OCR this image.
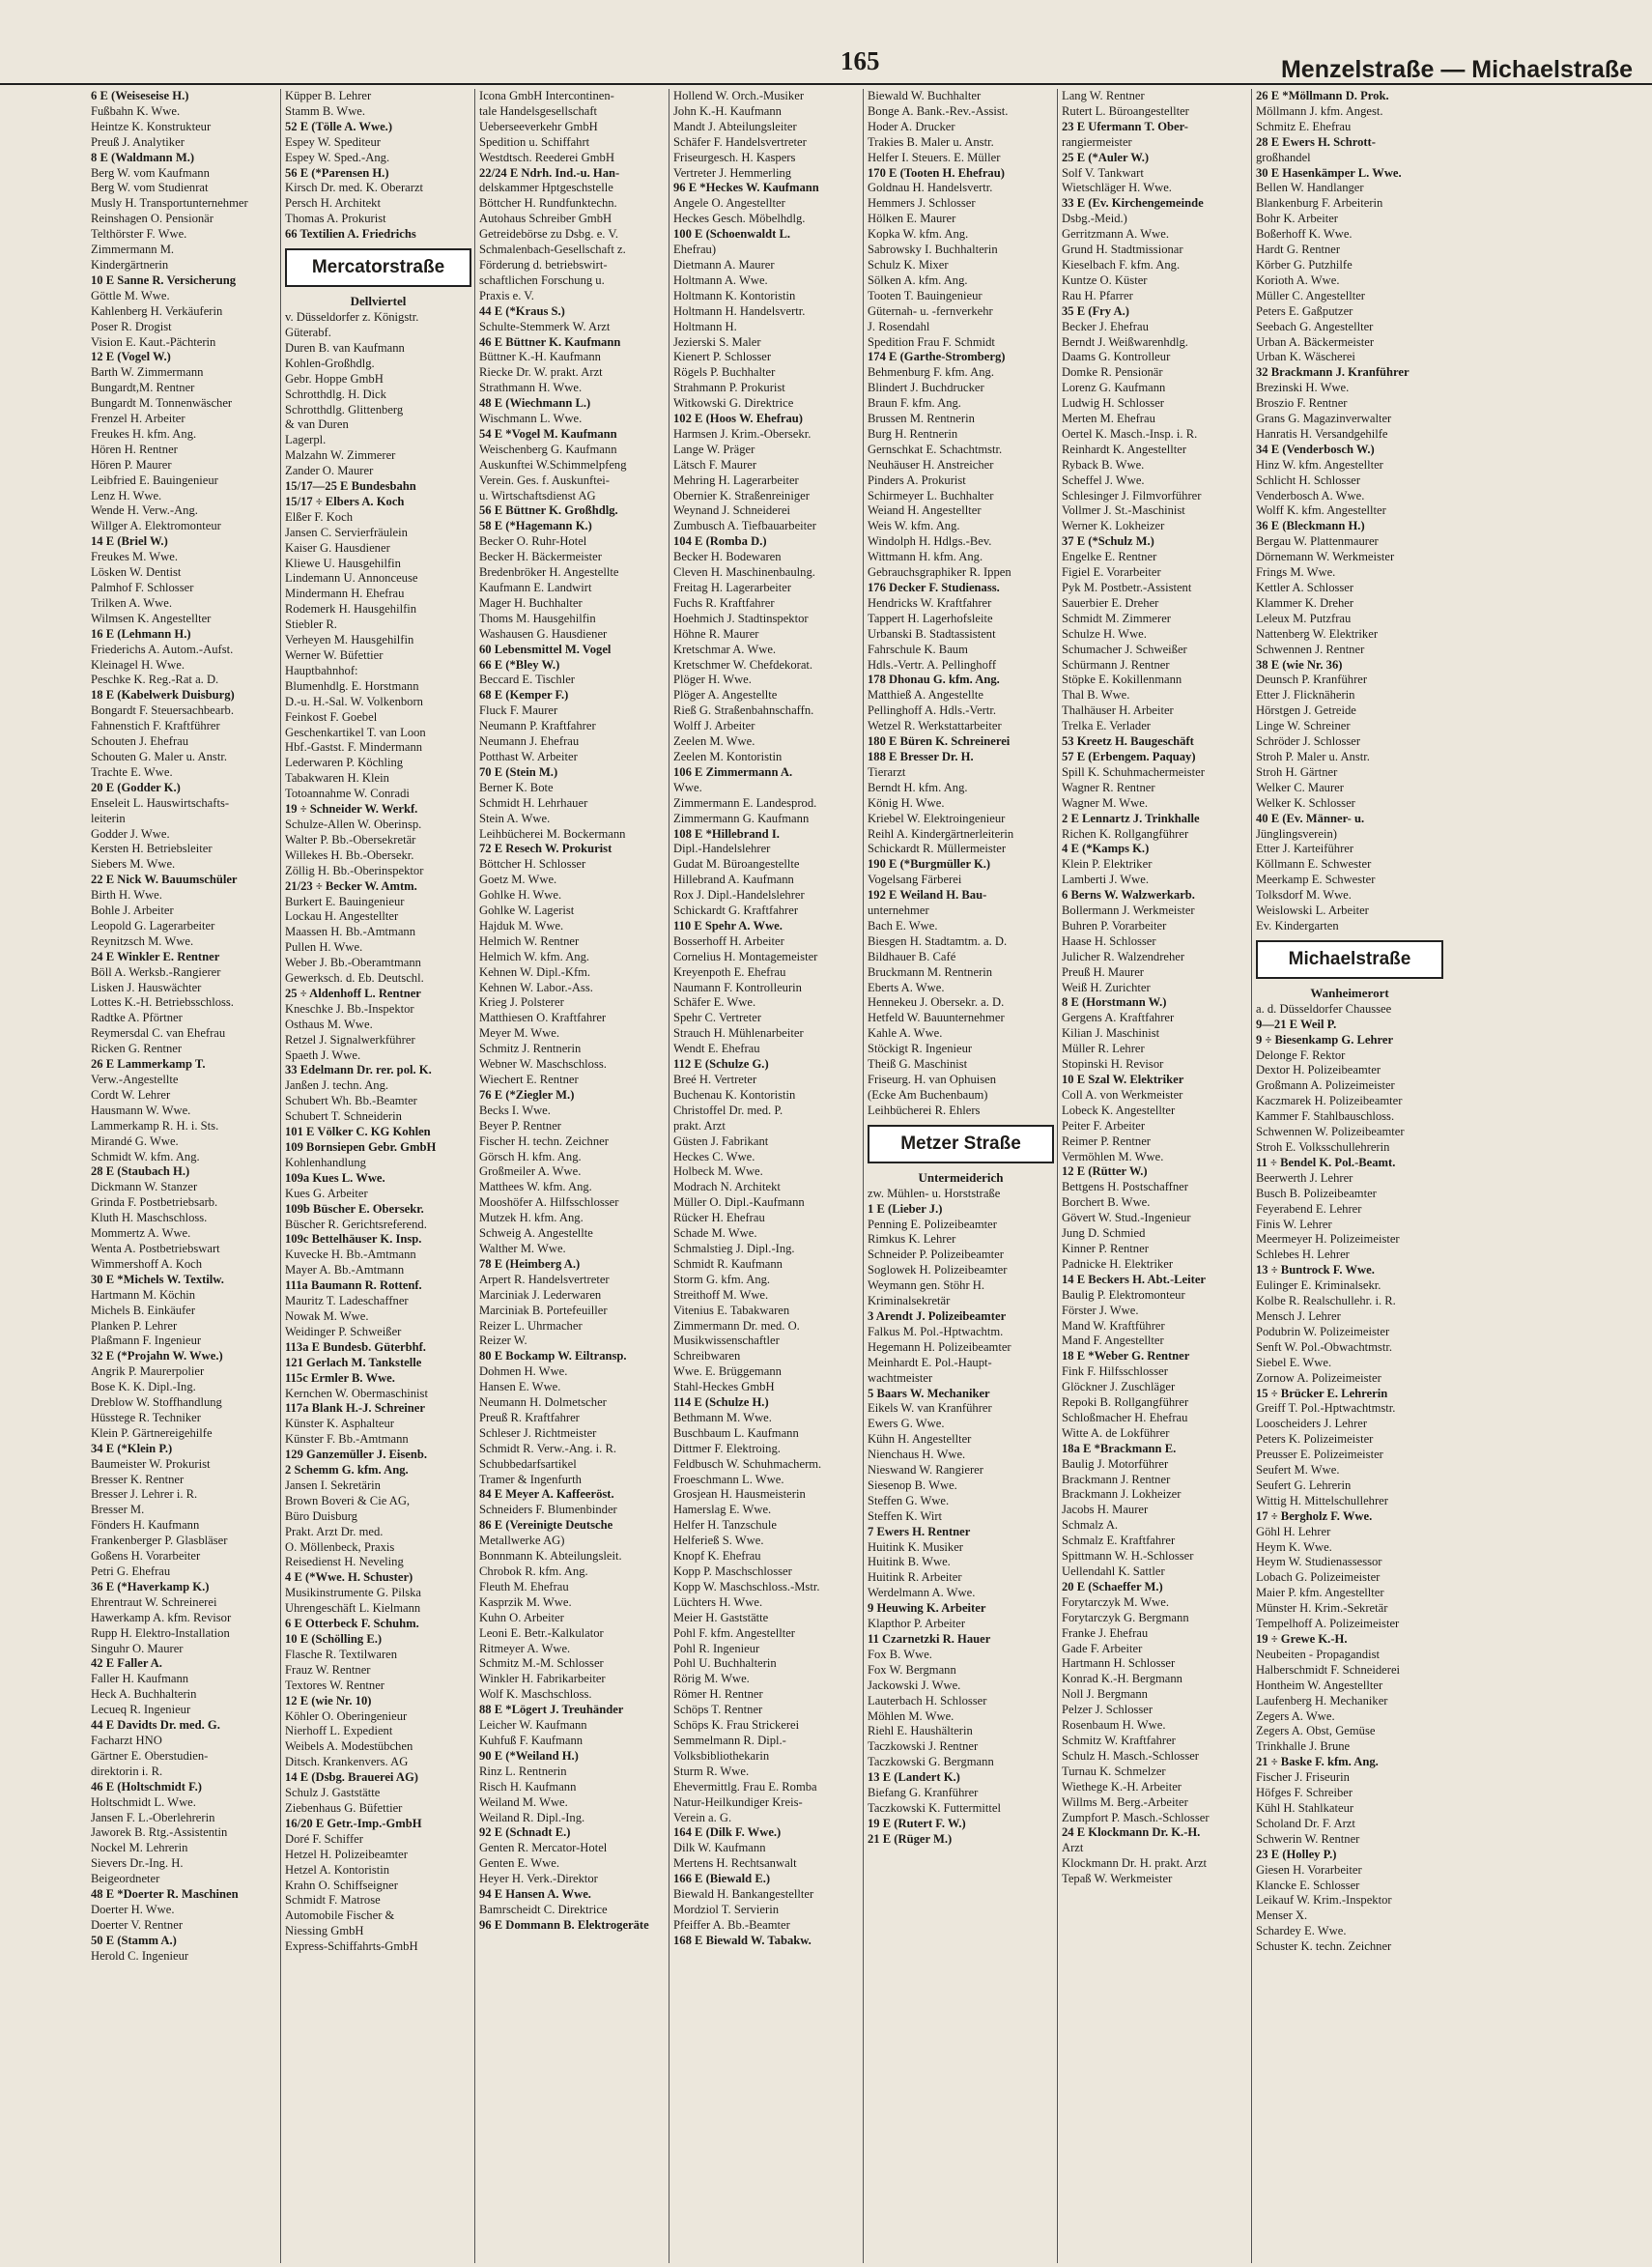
165	Menzelstraße — Michaelstraße
6 E (Weiseseise H.)
Fußbahn K. Wwe.
Heintze K. Konstrukteur
Preuß J. Analytiker
8 E (Waldmann M.)
Berg W. vom Kaufmann
Berg W. vom Studienrat
Musly H. Transportunternehmer
Reinshagen O. Pensionär
Telthörster F. Wwe.
Zimmermann M.
Kindergärtnerin
10 E Sanne R. Versicherung
Göttle M. Wwe.
Kahlenberg H. Verkäuferin
Poser R. Drogist
Vision E. Kaut.-Pächterin
12 E (Vogel W.)
Barth W. Zimmermann
Bungardt,M. Rentner
Bungardt M. Tonnenwäscher
Frenzel H. Arbeiter
Freukes H. kfm. Ang.
Hören H. Rentner
Hören P. Maurer
Leibfried E. Bauingenieur
Lenz H. Wwe.
Wende H. Verw.-Ang.
Willger A. Elektromonteur
14 E (Briel W.)
Freukes M. Wwe.
Lösken W. Dentist
Palmhof F. Schlosser
Trilken A. Wwe.
Wilmsen K. Angestellter
16 E (Lehmann H.)
Friederichs A. Autom.-Aufst.
Kleinagel H. Wwe.
Peschke K. Reg.-Rat a. D.
18 E (Kabelwerk Duisburg)
Bongardt F. Steuersachbearb.
Fahnenstich F. Kraftführer
Schouten J. Ehefrau
Schouten G. Maler u. Anstr.
Trachte E. Wwe.
20 E (Godder K.)
Enseleit L. Hauswirtschafts-
leiterin
Godder J. Wwe.
Kersten H. Betriebsleiter
Siebers M. Wwe.
22 E Nick W. Bauumschüler
Birth H. Wwe.
Bohle J. Arbeiter
Leopold G. Lagerarbeiter
Reynitzsch M. Wwe.
24 E Winkler E. Rentner
Böll A. Werksb.-Rangierer
Lisken J. Hauswächter
Lottes K.-H. Betriebsschloss.
Radtke A. Pförtner
Reymersdal C. van Ehefrau
Ricken G. Rentner
26 E Lammerkamp T.
Verw.-Angestellte
Cordt W. Lehrer
Hausmann W. Wwe.
Lammerkamp R. H. i. Sts.
Mirandé G. Wwe.
Schmidt W. kfm. Ang.
28 E (Staubach H.)
Dickmann W. Stanzer
Grinda F. Postbetriebsarb.
Kluth H. Maschschloss.
Mommertz A. Wwe.
Wenta A. Postbetriebswart
Wimmershoff A. Koch
30 E *Michels W. Textilw.
Hartmann M. Köchin
Michels B. Einkäufer
Planken P. Lehrer
Plaßmann F. Ingenieur
32 E (*Projahn W. Wwe.)
Angrik P. Maurerpolier
Bose K. K. Dipl.-Ing.
Dreblow W. Stoffhandlung
Hüsstege R. Techniker
Klein P. Gärtnereigehilfe
34 E (*Klein P.)
Baumeister W. Prokurist
Bresser K. Rentner
Bresser J. Lehrer i. R.
Bresser M.
Fönders H. Kaufmann
Frankenberger P. Glasbläser
Goßens H. Vorarbeiter
Petri G. Ehefrau
36 E (*Haverkamp K.)
Ehrentraut W. Schreinerei
Hawerkamp A. kfm. Revisor
Rupp H. Elektro-Installation
Singuhr O. Maurer
42 E Faller A.
Faller H. Kaufmann
Heck A. Buchhalterin
Lecueq R. Ingenieur
44 E Davidts Dr. med. G.
Facharzt HNO
Gärtner E. Oberstudien-
direktorin i. R.
46 E (Holtschmidt F.)
Holtschmidt L. Wwe.
Jansen F. L.-Oberlehrerin
Jaworek B. Rtg.-Assistentin
Nockel M. Lehrerin
Sievers Dr.-Ing. H.
Beigeordneter
48 E *Doerter R. Maschinen
Doerter H. Wwe.
Doerter V. Rentner
50 E (Stamm A.)
Herold C. Ingenieur
Küpper B. Lehrer
Stamm B. Wwe.
52 E (Tölle A. Wwe.)
Espey W. Spediteur
Espey W. Sped.-Ang.
56 E (*Parensen H.)
Kirsch Dr. med. K. Oberarzt
Persch H. Architekt
Thomas A. Prokurist
66 Textilien A. Friedrichs
Mercatorstraße
Dellviertel
v. Düsseldorfer z. Königstr.
Güterabf.
Duren B. van Kaufmann
Kohlen-Großhdlg.
Gebr. Hoppe GmbH
Schrotthdlg. H. Dick
Schrotthdlg. Glittenberg
& van Duren
Lagerpl.
Malzahn W. Zimmerer
Zander O. Maurer
15/17—25 E Bundesbahn
15/17 ÷ Elbers A. Koch
Elßer F. Koch
Jansen C. Servierfräulein
Kaiser G. Hausdiener
Kliewe U. Hausgehilfin
Lindemann U. Annonceuse
Mindermann H. Ehefrau
Rodemerk H. Hausgehilfin
Stiebler R.
Verheyen M. Hausgehilfin
Werner W. Büfettier
Hauptbahnhof:
Blumenhdlg. E. Horstmann
D.-u. H.-Sal. W. Volkenborn
Feinkost F. Goebel
Geschenkartikel T. van Loon
Hbf.-Gastst. F. Mindermann
Lederwaren P. Köchling
Tabakwaren H. Klein
Totoannahme W. Conradi
19 ÷ Schneider W. Werkf.
Schulze-Allen W. Oberinsp.
Walter P. Bb.-Obersekretär
Willekes H. Bb.-Obersekr.
Zöllig H. Bb.-Oberinspektor
21/23 ÷ Becker W. Amtm.
Burkert E. Bauingenieur
Lockau H. Angestellter
Maassen H. Bb.-Amtmann
Pullen H. Wwe.
Weber J. Bb.-Oberamtmann
Gewerksch. d. Eb. Deutschl.
25 ÷ Aldenhoff L. Rentner
Kneschke J. Bb.-Inspektor
Osthaus M. Wwe.
Retzel J. Signalwerkführer
Spaeth J. Wwe.
33 Edelmann Dr. rer. pol. K.
Janßen J. techn. Ang.
Schubert Wh. Bb.-Beamter
Schubert T. Schneiderin
101 E Völker C. KG Kohlen
109 Bornsiepen Gebr. GmbH
Kohlenhandlung
109a Kues L. Wwe.
Kues G. Arbeiter
109b Büscher E. Obersekr.
Büscher R. Gerichtsreferend.
109c Bettelhäuser K. Insp.
Kuvecke H. Bb.-Amtmann
Mayer A. Bb.-Amtmann
111a Baumann R. Rottenf.
Mauritz T. Ladeschaffner
Nowak M. Wwe.
Weidinger P. Schweißer
113a E Bundesb. Güterbhf.
121 Gerlach M. Tankstelle
115c Ermler B. Wwe.
Kernchen W. Obermaschinist
117a Blank H.-J. Schreiner
Künster K. Asphalteur
Künster F. Bb.-Amtmann
129 Ganzemüller J. Eisenb.
2 Schemm G. kfm. Ang.
Jansen I. Sekretärin
Brown Boveri & Cie AG,
Büro Duisburg
Prakt. Arzt Dr. med.
O. Möllenbeck, Praxis
Reisedienst H. Neveling
4 E (*Wwe. H. Schuster)
Musikinstrumente G. Pilska
Uhrengeschäft L. Kielmann
6 E Otterbeck F. Schuhm.
10 E (Schölling E.)
Flasche R. Textilwaren
Frauz W. Rentner
Textores W. Rentner
12 E (wie Nr. 10)
Köhler O. Oberingenieur
Nierhoff L. Expedient
Weibels A. Modestübchen
Ditsch. Krankenvers. AG
14 E (Dsbg. Brauerei AG)
Schulz J. Gaststätte
Ziebenhaus G. Büfettier
16/20 E Getr.-Imp.-GmbH
Doré F. Schiffer
Hetzel H. Polizeibeamter
Hetzel A. Kontoristin
Krahn O. Schiffseigner
Schmidt F. Matrose
Automobile Fischer &
Niessing GmbH
Express-Schiffahrts-GmbH
Icona GmbH Intercontinen-
tale Handelsgesellschaft
Ueberseeverkehr GmbH
Spedition u. Schiffahrt
Westdtsch. Reederei GmbH
22/24 E Ndrh. Ind.-u. Han-
delskammer Hptgeschstelle
Böttcher H. Rundfunktechn.
Autohaus Schreiber GmbH
Getreidebörse zu Dsbg. e. V.
Schmalenbach-Gesellschaft z.
Förderung d. betriebswirt-
schaftlichen Forschung u.
Praxis e. V.
44 E (*Kraus S.)
Schulte-Stemmerk W. Arzt
46 E Büttner K. Kaufmann
Büttner K.-H. Kaufmann
Riecke Dr. W. prakt. Arzt
Strathmann H. Wwe.
48 E (Wiechmann L.)
Wischmann L. Wwe.
54 E *Vogel M. Kaufmann
Weischenberg G. Kaufmann
Auskunftei W.Schimmelpfeng
Verein. Ges. f. Auskunftei-
u. Wirtschaftsdienst AG
56 E Büttner K. Großhdlg.
58 E (*Hagemann K.)
Becker O. Ruhr-Hotel
Becker H. Bäckermeister
Bredenbröker H. Angestellte
Kaufmann E. Landwirt
Mager H. Buchhalter
Thoms M. Hausgehilfin
Washausen G. Hausdiener
60 Lebensmittel M. Vogel
66 E (*Bley W.)
Beccard E. Tischler
68 E (Kemper F.)
Fluck F. Maurer
Neumann P. Kraftfahrer
Neumann J. Ehefrau
Potthast W. Arbeiter
70 E (Stein M.)
Berner K. Bote
Schmidt H. Lehrhauer
Stein A. Wwe.
Leihbücherei M. Bockermann
72 E Resech W. Prokurist
Böttcher H. Schlosser
Goetz M. Wwe.
Gohlke H. Wwe.
Gohlke W. Lagerist
Hajduk M. Wwe.
Helmich W. Rentner
Helmich W. kfm. Ang.
Kehnen W. Dipl.-Kfm.
Kehnen W. Labor.-Ass.
Krieg J. Polsterer
Matthiesen O. Kraftfahrer
Meyer M. Wwe.
Schmitz J. Rentnerin
Webner W. Maschschloss.
Wiechert E. Rentner
76 E (*Ziegler M.)
Becks I. Wwe.
Beyer P. Rentner
Fischer H. techn. Zeichner
Görsch H. kfm. Ang.
Großmeiler A. Wwe.
Matthees W. kfm. Ang.
Mooshöfer A. Hilfsschlosser
Mutzek H. kfm. Ang.
Schweig A. Angestellte
Walther M. Wwe.
78 E (Heimberg A.)
Arpert R. Handelsvertreter
Marciniak J. Lederwaren
Marciniak B. Portefeuiller
Reizer L. Uhrmacher
Reizer W.
80 E Bockamp W. Eiltransp.
Dohmen H. Wwe.
Hansen E. Wwe.
Neumann H. Dolmetscher
Preuß R. Kraftfahrer
Schleser J. Richtmeister
Schmidt R. Verw.-Ang. i. R.
Schubbedarfsartikel
Tramer & Ingenfurth
84 E Meyer A. Kaffeeröst.
Schneiders F. Blumenbinder
86 E (Vereinigte Deutsche
Metallwerke AG)
Bonnmann K. Abteilungsleit.
Chrobok R. kfm. Ang.
Fleuth M. Ehefrau
Kasprzik M. Wwe.
Kuhn O. Arbeiter
Leoni E. Betr.-Kalkulator
Ritmeyer A. Wwe.
Schmitz M.-M. Schlosser
Winkler H. Fabrikarbeiter
Wolf K. Maschschloss.
88 E *Lögert J. Treuhänder
Leicher W. Kaufmann
Kuhfuß F. Kaufmann
90 E (*Weiland H.)
Rinz L. Rentnerin
Risch H. Kaufmann
Weiland M. Wwe.
Weiland R. Dipl.-Ing.
92 E (Schnadt E.)
Genten R. Mercator-Hotel
Genten E. Wwe.
Heyer H. Verk.-Direktor
94 E Hansen A. Wwe.
Bamrscheidt C. Direktrice
96 E Dommann B. Elektrogeräte
Hollend W. Orch.-Musiker
John K.-H. Kaufmann
Mandt J. Abteilungsleiter
Schäfer F. Handelsvertreter
Friseurgesch. H. Kaspers
Vertreter J. Hemmerling
96 E *Heckes W. Kaufmann
Angele O. Angestellter
Heckes Gesch. Möbelhdlg.
100 E (Schoenwaldt L.
Ehefrau)
Dietmann A. Maurer
Holtmann A. Wwe.
Holtmann K. Kontoristin
Holtmann H. Handelsvertr.
Holtmann H.
Jezierski S. Maler
Kienert P. Schlosser
Rögels P. Buchhalter
Strahmann P. Prokurist
Witkowski G. Direktrice
102 E (Hoos W. Ehefrau)
Harmsen J. Krim.-Obersekr.
Lange W. Präger
Lätsch F. Maurer
Mehring H. Lagerarbeiter
Obernier K. Straßenreiniger
Weynand J. Schneiderei
Zumbusch A. Tiefbauarbeiter
104 E (Romba D.)
Becker H. Bodewaren
Cleven H. Maschinenbaulng.
Freitag H. Lagerarbeiter
Fuchs R. Kraftfahrer
Hoehmich J. Stadtinspektor
Höhne R. Maurer
Kretschmar A. Wwe.
Kretschmer W. Chefdekorat.
Plöger H. Wwe.
Plöger A. Angestellte
Rieß G. Straßenbahnschaffn.
Wolff J. Arbeiter
Zeelen M. Wwe.
Zeelen M. Kontoristin
106 E Zimmermann A.
Wwe.
Zimmermann E. Landesprod.
Zimmermann G. Kaufmann
108 E *Hillebrand I.
Dipl.-Handelslehrer
Gudat M. Büroangestellte
Hillebrand A. Kaufmann
Rox J. Dipl.-Handelslehrer
Schickardt G. Kraftfahrer
110 E Spehr A. Wwe.
Bosserhoff H. Arbeiter
Cornelius H. Montagemeister
Kreyenpoth E. Ehefrau
Naumann F. Kontrolleurin
Schäfer E. Wwe.
Spehr C. Vertreter
Strauch H. Mühlenarbeiter
Wendt E. Ehefrau
112 E (Schulze G.)
Breé H. Vertreter
Buchenau K. Kontoristin
Christoffel Dr. med. P.
prakt. Arzt
Güsten J. Fabrikant
Heckes C. Wwe.
Holbeck M. Wwe.
Modrach N. Architekt
Müller O. Dipl.-Kaufmann
Rücker H. Ehefrau
Schade M. Wwe.
Schmalstieg J. Dipl.-Ing.
Schmidt R. Kaufmann
Storm G. kfm. Ang.
Streithoff M. Wwe.
Vitenius E. Tabakwaren
Zimmermann Dr. med. O.
Musikwissenschaftler
Schreibwaren
Wwe. E. Brüggemann
Stahl-Heckes GmbH
114 E (Schulze H.)
Bethmann M. Wwe.
Buschbaum L. Kaufmann
Dittmer F. Elektroing.
Feldbusch W. Schuhmacherm.
Froeschmann L. Wwe.
Grosjean H. Hausmeisterin
Hamerslag E. Wwe.
Helfer H. Tanzschule
Helferieß S. Wwe.
Knopf K. Ehefrau
Kopp P. Maschschlosser
Kopp W. Maschschloss.-Mstr.
Lüchters H. Wwe.
Meier H. Gaststätte
Pohl F. kfm. Angestellter
Pohl R. Ingenieur
Pohl U. Buchhalterin
Rörig M. Wwe.
Römer H. Rentner
Schöps T. Rentner
Schöps K. Frau Strickerei
Semmelmann R. Dipl.-
Volksbibliothekarin
Sturm R. Wwe.
Ehevermittlg. Frau E. Romba
Natur-Heilkundiger Kreis-
Verein a. G.
164 E (Dilk F. Wwe.)
Dilk W. Kaufmann
Mertens H. Rechtsanwalt
166 E (Biewald E.)
Biewald H. Bankangestellter
Mordziol T. Servierin
Pfeiffer A. Bb.-Beamter
168 E Biewald W. Tabakw.
Biewald W. Buchhalter
Bonge A. Bank.-Rev.-Assist.
Hoder A. Drucker
Trakies B. Maler u. Anstr.
Helfer I. Steuers. E. Müller
170 E (Tooten H. Ehefrau)
Goldnau H. Handelsvertr.
Hemmers J. Schlosser
Hölken E. Maurer
Kopka W. kfm. Ang.
Sabrowsky I. Buchhalterin
Schulz K. Mixer
Sölken A. kfm. Ang.
Tooten T. Bauingenieur
Güternah- u. -fernverkehr
J. Rosendahl
Spedition Frau F. Schmidt
174 E (Garthe-Stromberg)
Behmenburg F. kfm. Ang.
Blindert J. Buchdrucker
Braun F. kfm. Ang.
Brussen M. Rentnerin
Burg H. Rentnerin
Gernschkat E. Schachtmstr.
Neuhäuser H. Anstreicher
Pinders A. Prokurist
Schirmeyer L. Buchhalter
Weiand H. Angestellter
Weis W. kfm. Ang.
Windolph H. Hdlgs.-Bev.
Wittmann H. kfm. Ang.
Gebrauchsgraphiker R. Ippen
176 Decker F. Studienass.
Hendricks W. Kraftfahrer
Tappert H. Lagerhofsleite
Urbanski B. Stadtassistent
Fahrschule K. Baum
Hdls.-Vertr. A. Pellinghoff
178 Dhonau G. kfm. Ang.
Matthieß A. Angestellte
Pellinghoff A. Hdls.-Vertr.
Wetzel R. Werkstattarbeiter
180 E Büren K. Schreinerei
188 E Bresser Dr. H.
Tierarzt
Berndt H. kfm. Ang.
König H. Wwe.
Kriebel W. Elektroingenieur
Reihl A. Kindergärtnerleiterin
Schickardt R. Müllermeister
190 E (*Burgmüller K.)
Vogelsang Färberei
192 E Weiland H. Bau-
unternehmer
Bach E. Wwe.
Biesgen H. Stadtamtm. a. D.
Bildhauer B. Café
Bruckmann M. Rentnerin
Eberts A. Wwe.
Hennekeu J. Obersekr. a. D.
Hetfeld W. Bauunternehmer
Kahle A. Wwe.
Stöckigt R. Ingenieur
Theiß G. Maschinist
Friseurg. H. van Ophuisen
(Ecke Am Buchenbaum)
Leihbücherei R. Ehlers
Metzer Straße
Untermeiderich
zw. Mühlen- u. Horststraße
1 E (Lieber J.)
Penning E. Polizeibeamter
Rimkus K. Lehrer
Schneider P. Polizeibeamter
Soglowek H. Polizeibeamter
Weymann gen. Stöhr H.
Kriminalsekretär
3 Arendt J. Polizeibeamter
Falkus M. Pol.-Hptwachtm.
Hegemann H. Polizeibeamter
Meinhardt E. Pol.-Haupt-
wachtmeister
5 Baars W. Mechaniker
Eikels W. van Kranführer
Ewers G. Wwe.
Kühn H. Angestellter
Nienchaus H. Wwe.
Nieswand W. Rangierer
Siesenop B. Wwe.
Steffen G. Wwe.
Steffen K. Wirt
7 Ewers H. Rentner
Huitink K. Musiker
Huitink B. Wwe.
Huitink R. Arbeiter
Werdelmann A. Wwe.
9 Heuwing K. Arbeiter
Klapthor P. Arbeiter
11 Czarnetzki R. Hauer
Fox B. Wwe.
Fox W. Bergmann
Jackowski J. Wwe.
Lauterbach H. Schlosser
Möhlen M. Wwe.
Riehl E. Haushälterin
Taczkowski J. Rentner
Taczkowski G. Bergmann
13 E (Landert K.)
Biefang G. Kranführer
Taczkowski K. Futtermittel
19 E (Rutert F. W.)
21 E (Rüger M.)
Lang W. Rentner
Rutert L. Büroangestellter
23 E Ufermann T. Ober-
rangiermeister
25 E (*Auler W.)
Solf V. Tankwart
Wietschläger H. Wwe.
33 E (Ev. Kirchengemeinde
Dsbg.-Meid.)
Gerritzmann A. Wwe.
Grund H. Stadtmissionar
Kieselbach F. kfm. Ang.
Kuntze O. Küster
Rau H. Pfarrer
35 E (Fry A.)
Becker J. Ehefrau
Berndt J. Weißwarenhdlg.
Daams G. Kontrolleur
Domke R. Pensionär
Lorenz G. Kaufmann
Ludwig H. Schlosser
Merten M. Ehefrau
Oertel K. Masch.-Insp. i. R.
Reinhardt K. Angestellter
Ryback B. Wwe.
Scheffel J. Wwe.
Schlesinger J. Filmvorführer
Vollmer J. St.-Maschinist
Werner K. Lokheizer
37 E (*Schulz M.)
Engelke E. Rentner
Figiel E. Vorarbeiter
Pyk M. Postbetr.-Assistent
Sauerbier E. Dreher
Schmidt M. Zimmerer
Schulze H. Wwe.
Schumacher J. Schweißer
Schürmann J. Rentner
Stöpke E. Kokillenmann
Thal B. Wwe.
Thalhäuser H. Arbeiter
Trelka E. Verlader
53 Kreetz H. Baugeschäft
57 E (Erbengem. Paquay)
Spill K. Schuhmachermeister
Wagner R. Rentner
Wagner M. Wwe.
2 E Lennartz J. Trinkhalle
Richen K. Rollgangführer
4 E (*Kamps K.)
Klein P. Elektriker
Lamberti J. Wwe.
6 Berns W. Walzwerkarb.
Bollermann J. Werkmeister
Buhren P. Vorarbeiter
Haase H. Schlosser
Julicher R. Walzendreher
Preuß H. Maurer
Weiß H. Zurichter
8 E (Horstmann W.)
Gergens A. Kraftfahrer
Kilian J. Maschinist
Müller R. Lehrer
Stopinski H. Revisor
10 E Szal W. Elektriker
Coll A. von Werkmeister
Lobeck K. Angestellter
Peiter F. Arbeiter
Reimer P. Rentner
Vermöhlen M. Wwe.
12 E (Rütter W.)
Bettgens H. Postschaffner
Borchert B. Wwe.
Gövert W. Stud.-Ingenieur
Jung D. Schmied
Kinner P. Rentner
Padnicke H. Elektriker
14 E Beckers H. Abt.-Leiter
Baulig P. Elektromonteur
Förster J. Wwe.
Mand W. Kraftführer
Mand F. Angestellter
18 E *Weber G. Rentner
Fink F. Hilfsschlosser
Glöckner J. Zuschläger
Repoki B. Rollgangführer
Schloßmacher H. Ehefrau
Witte A. de Lokführer
18a E *Brackmann E.
Baulig J. Motorführer
Brackmann J. Rentner
Brackmann J. Lokheizer
Jacobs H. Maurer
Schmalz A.
Schmalz E. Kraftfahrer
Spittmann W. H.-Schlosser
Uellendahl K. Sattler
20 E (Schaeffer M.)
Forytarczyk M. Wwe.
Forytarczyk G. Bergmann
Franke J. Ehefrau
Gade F. Arbeiter
Hartmann H. Schlosser
Konrad K.-H. Bergmann
Noll J. Bergmann
Pelzer J. Schlosser
Rosenbaum H. Wwe.
Schmitz W. Kraftfahrer
Schulz H. Masch.-Schlosser
Turnau K. Schmelzer
Wiethege K.-H. Arbeiter
Willms M. Berg.-Arbeiter
Zumpfort P. Masch.-Schlosser
24 E Klockmann Dr. K.-H.
Arzt
Klockmann Dr. H. prakt. Arzt
Tepaß W. Werkmeister
26 E *Möllmann D. Prok.
Möllmann J. kfm. Angest.
Schmitz E. Ehefrau
28 E Ewers H. Schrott-
großhandel
30 E Hasenkämper L. Wwe.
Bellen W. Handlanger
Blankenburg F. Arbeiterin
Bohr K. Arbeiter
Boßerhoff K. Wwe.
Hardt G. Rentner
Körber G. Putzhilfe
Korioth A. Wwe.
Müller C. Angestellter
Peters E. Gaßputzer
Seebach G. Angestellter
Urban A. Bäckermeister
Urban K. Wäscherei
32 Brackmann J. Kranführer
Brezinski H. Wwe.
Broszio F. Rentner
Grans G. Magazinverwalter
Hanratis H. Versandgehilfe
34 E (Venderbosch W.)
Hinz W. kfm. Angestellter
Schlicht H. Schlosser
Venderbosch A. Wwe.
Wolff K. kfm. Angestellter
36 E (Bleckmann H.)
Bergau W. Plattenmaurer
Dörnemann W. Werkmeister
Frings M. Wwe.
Kettler A. Schlosser
Klammer K. Dreher
Leleux M. Putzfrau
Nattenberg W. Elektriker
Schwennen J. Rentner
38 E (wie Nr. 36)
Deunsch P. Kranführer
Etter J. Flicknäherin
Hörstgen J. Getreide
Linge W. Schreiner
Schröder J. Schlosser
Stroh P. Maler u. Anstr.
Stroh H. Gärtner
Welker C. Maurer
Welker K. Schlosser
40 E (Ev. Männer- u.
Jünglingsverein)
Etter J. Karteiführer
Köllmann E. Schwester
Meerkamp E. Schwester
Tolksdorf M. Wwe.
Weislowski L. Arbeiter
Ev. Kindergarten
Michaelstraße
Wanheimerort
a. d. Düsseldorfer Chaussee
9—21 E Weil P.
9 ÷ Biesenkamp G. Lehrer
Delonge F. Rektor
Dextor H. Polizeibeamter
Großmann A. Polizeimeister
Kaczmarek H. Polizeibeamter
Kammer F. Stahlbauschloss.
Schwennen W. Polizeibeamter
Stroh E. Volksschullehrerin
11 ÷ Bendel K. Pol.-Beamt.
Beerwerth J. Lehrer
Busch B. Polizeibeamter
Feyerabend E. Lehrer
Finis W. Lehrer
Meermeyer H. Polizeimeister
Schlebes H. Lehrer
13 ÷ Buntrock F. Wwe.
Eulinger E. Kriminalsekr.
Kolbe R. Realschullehr. i. R.
Mensch J. Lehrer
Podubrin W. Polizeimeister
Senft W. Pol.-Obwachtmstr.
Siebel E. Wwe.
Zornow A. Polizeimeister
15 ÷ Brücker E. Lehrerin
Greiff T. Pol.-Hptwachtmstr.
Looscheiders J. Lehrer
Peters K. Polizeimeister
Preusser E. Polizeimeister
Seufert M. Wwe.
Seufert G. Lehrerin
Wittig H. Mittelschullehrer
17 ÷ Bergholz F. Wwe.
Göhl H. Lehrer
Heym K. Wwe.
Heym W. Studienassessor
Lobach G. Polizeimeister
Maier P. kfm. Angestellter
Münster H. Krim.-Sekretär
Tempelhoff A. Polizeimeister
19 ÷ Grewe K.-H.
Neubeiten - Propagandist
Halberschmidt F. Schneiderei
Hontheim W. Angestellter
Laufenberg H. Mechaniker
Zegers A. Wwe.
Zegers A. Obst, Gemüse
Trinkhalle J. Brune
21 ÷ Baske F. kfm. Ang.
Fischer J. Friseurin
Höfges F. Schreiber
Kühl H. Stahlkateur
Scholand Dr. F. Arzt
Schwerin W. Rentner
23 E (Holley P.)
Giesen H. Vorarbeiter
Klancke E. Schlosser
Leikauf W. Krim.-Inspektor
Menser X.
Schardey E. Wwe.
Schuster K. techn. Zeichner
